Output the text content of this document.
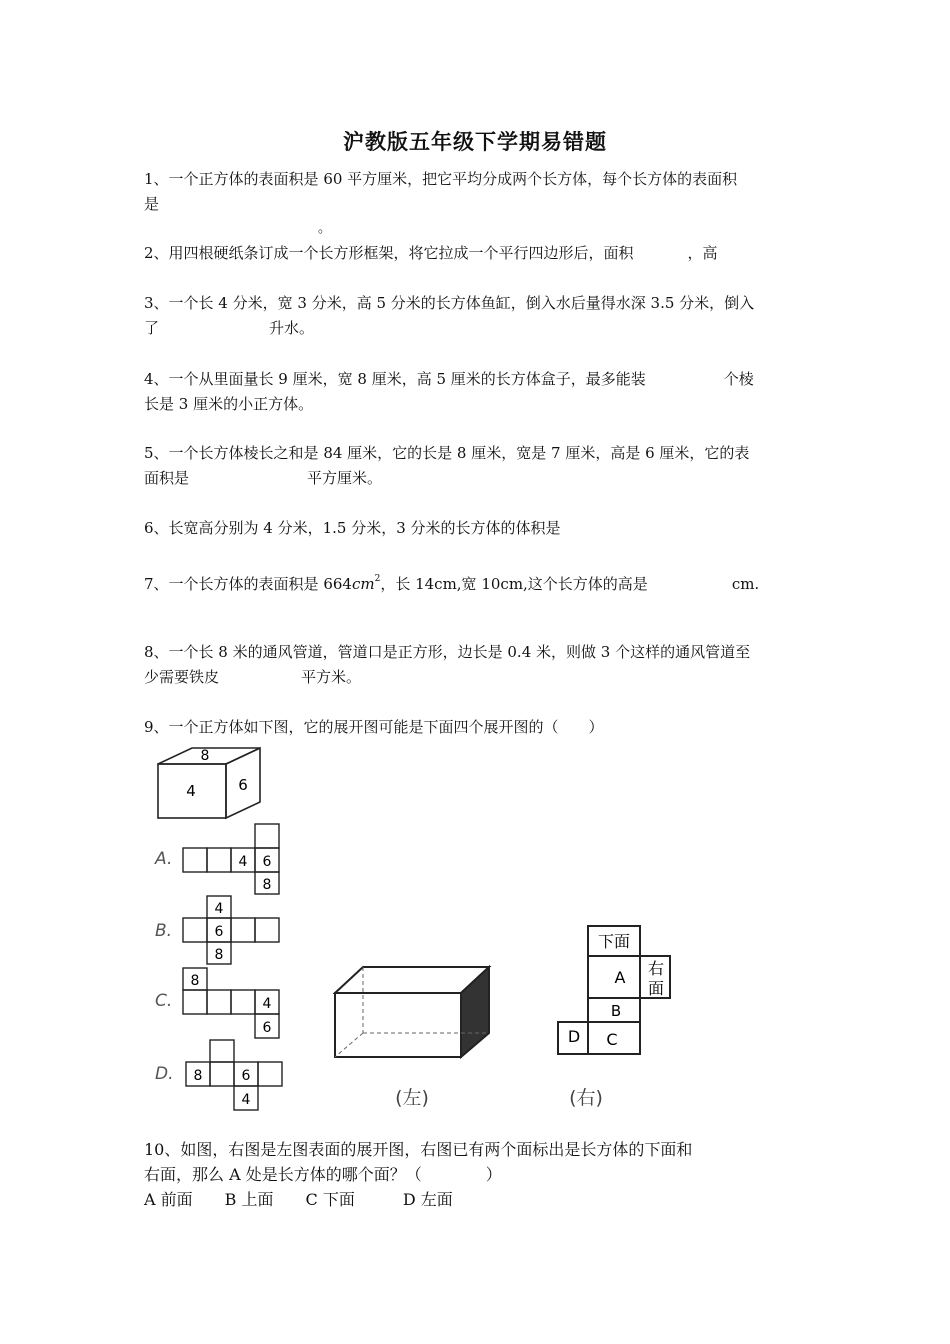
沪教版五年级下学期易错题
1、一个正方体的表面积是 60 平方厘米，把它平均分成两个长方体，每个长方体的表面积
是
。
2、用四根硬纸条订成一个长方形框架，将它拉成一个平行四边形后，面积	，高
3、一个长 4 分米，宽 3 分米，高 5 分米的长方体鱼缸，倒入水后量得水深 3.5 分米，倒入
了	升水。
4、一个从里面量长 9 厘米，宽 8 厘米，高 5 厘米的长方体盒子，最多能装	个棱
长是 3 厘米的小正方体。
5、一个长方体棱长之和是 84 厘米，它的长是 8 厘米，宽是 7 厘米，高是 6 厘米，它的表
面积是	平方厘米。
6、长宽高分别为 4 分米，1.5 分米，3 分米的长方体的体积是
7、一个长方体的表面积是 $664cm^2$，长 14cm,宽 10cm,这个长方体的高是	cm.
8、一个长 8 米的通风管道，管道口是正方形，边长是 0.4 米，则做 3 个这样的通风管道至
少需要铁皮	平方米。
9、一个正方体如下图，它的展开图可能是下面四个展开图的（　　）
8
4	6
A.	4 6
8
B.
4
6
8
C.
8
4
6
D. 8	6
4	(左)
下面
A 右
面
B
C
D
(右)
10、如图，右图是左图表面的展开图，右图已有两个面标出是长方体的下面和
右面，那么 A 处是长方体的哪个面？（　　　　）
A 前面　　B 上面　　C 下面　　　D 左面
